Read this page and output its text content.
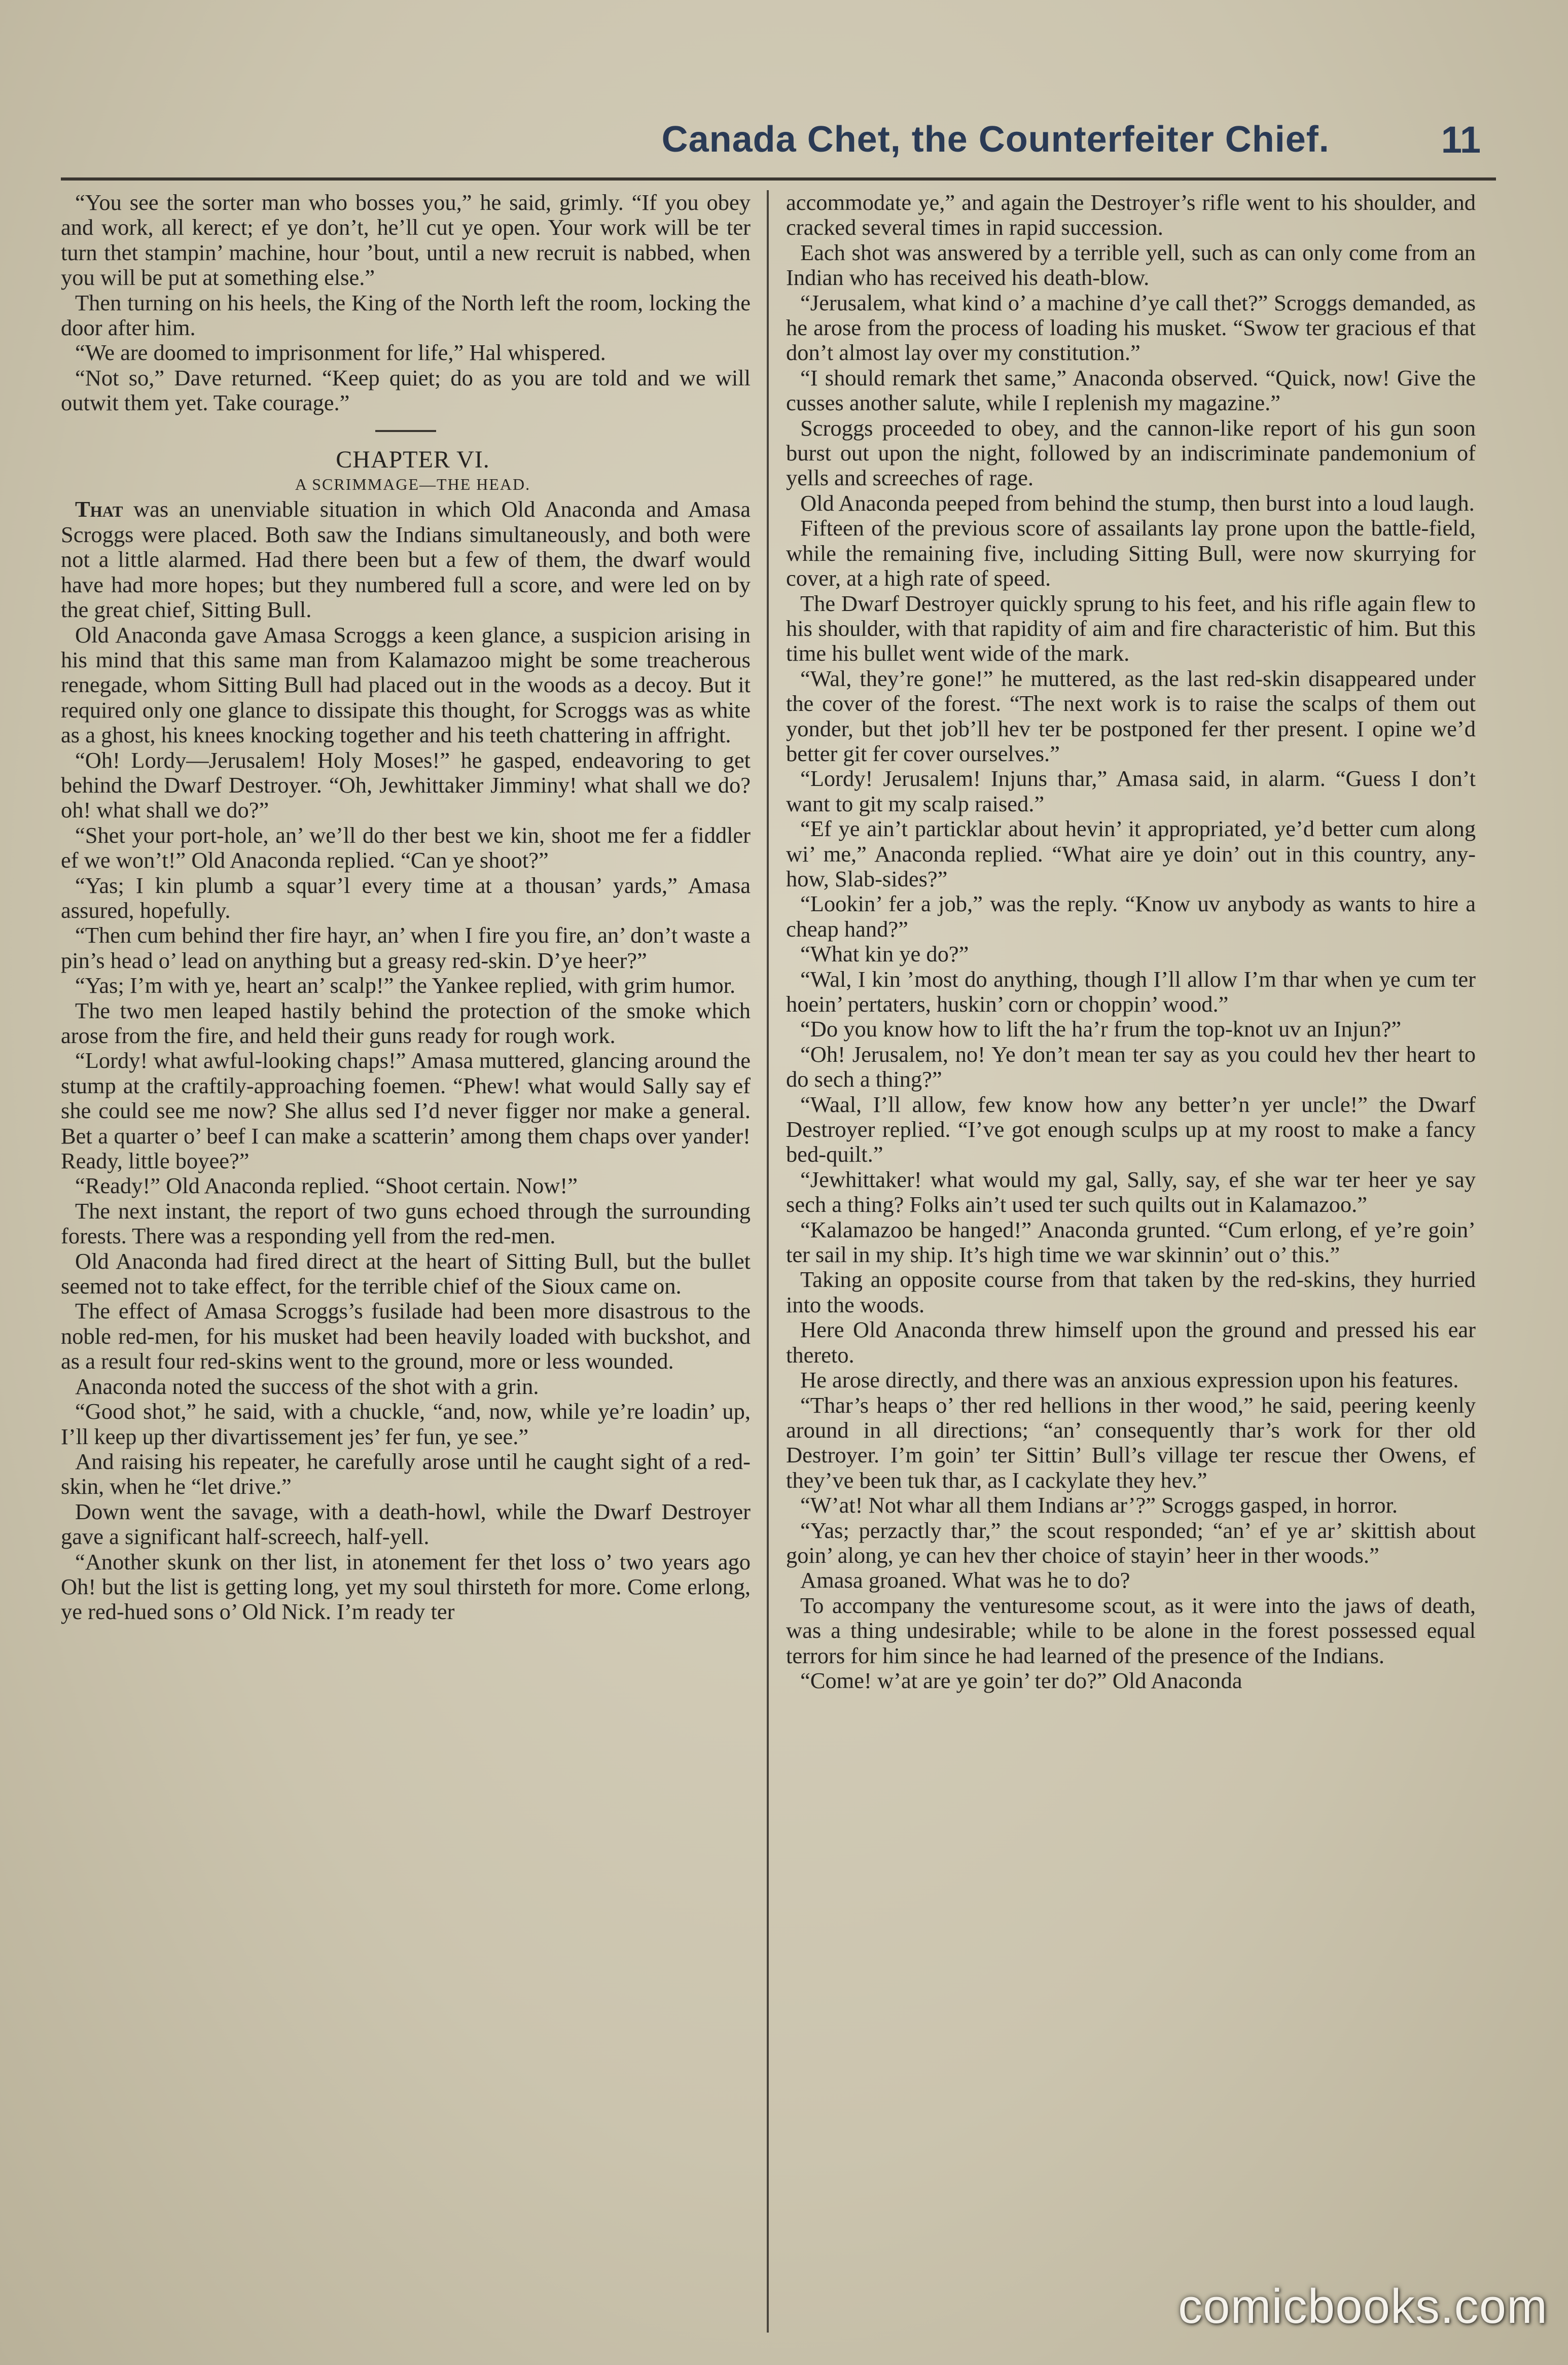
Canada Chet, the Counterfeiter Chief.	11

“You see the sorter man who bosses you,” he said, grimly. “If you obey and work, all kerect; ef ye don’t, he’ll cut ye open. Your work will be ter turn thet stampin’ machine, hour ’bout, until a new recruit is nabbed, when you will be put at something else.”

Then turning on his heels, the King of the North left the room, locking the door after him.

“We are doomed to imprisonment for life,” Hal whispered.

“Not so,” Dave returned. “Keep quiet; do as you are told and we will outwit them yet. Take courage.”

CHAPTER VI.

A SCRIMMAGE—THE HEAD.

That was an unenviable situation in which Old Anaconda and Amasa Scroggs were placed. Both saw the Indians simultaneously, and both were not a little alarmed. Had there been but a few of them, the dwarf would have had more hopes; but they numbered full a score, and were led on by the great chief, Sitting Bull.

Old Anaconda gave Amasa Scroggs a keen glance, a suspicion arising in his mind that this same man from Kalamazoo might be some treacherous renegade, whom Sitting Bull had placed out in the woods as a decoy. But it required only one glance to dissipate this thought, for Scroggs was as white as a ghost, his knees knocking together and his teeth chattering in affright.

“Oh! Lordy—Jerusalem! Holy Moses!” he gasped, endeavoring to get behind the Dwarf Destroyer. “Oh, Jewhittaker Jimminy! what shall we do? oh! what shall we do?”

“Shet your port-hole, an’ we’ll do ther best we kin, shoot me fer a fiddler ef we won’t!” Old Anaconda replied. “Can ye shoot?”

“Yas; I kin plumb a squar’l every time at a thousan’ yards,” Amasa assured, hopefully.

“Then cum behind ther fire hayr, an’ when I fire you fire, an’ don’t waste a pin’s head o’ lead on anything but a greasy red-skin. D’ye heer?”

“Yas; I’m with ye, heart an’ scalp!” the Yankee replied, with grim humor.

The two men leaped hastily behind the protection of the smoke which arose from the fire, and held their guns ready for rough work.

“Lordy! what awful-looking chaps!” Amasa muttered, glancing around the stump at the craftily-approaching foemen. “Phew! what would Sally say ef she could see me now? She allus sed I’d never figger nor make a general. Bet a quarter o’ beef I can make a scatterin’ among them chaps over yander! Ready, little boyee?”

“Ready!” Old Anaconda replied. “Shoot certain. Now!”

The next instant, the report of two guns echoed through the surrounding forests. There was a responding yell from the red-men.

Old Anaconda had fired direct at the heart of Sitting Bull, but the bullet seemed not to take effect, for the terrible chief of the Sioux came on.

The effect of Amasa Scroggs’s fusilade had been more disastrous to the noble red-men, for his musket had been heavily loaded with buckshot, and as a result four red-skins went to the ground, more or less wounded.

Anaconda noted the success of the shot with a grin.

“Good shot,” he said, with a chuckle, “and, now, while ye’re loadin’ up, I’ll keep up ther divartissement jes’ fer fun, ye see.”

And raising his repeater, he carefully arose until he caught sight of a red-skin, when he “let drive.”

Down went the savage, with a death-howl, while the Dwarf Destroyer gave a significant half-screech, half-yell.

“Another skunk on ther list, in atonement fer thet loss o’ two years ago Oh! but the list is getting long, yet my soul thirsteth for more. Come erlong, ye red-hued sons o’ Old Nick. I’m ready ter

accommodate ye,” and again the Destroyer’s rifle went to his shoulder, and cracked several times in rapid succession.

Each shot was answered by a terrible yell, such as can only come from an Indian who has received his death-blow.

“Jerusalem, what kind o’ a machine d’ye call thet?” Scroggs demanded, as he arose from the process of loading his musket. “Swow ter gracious ef that don’t almost lay over my constitution.”

“I should remark thet same,” Anaconda observed. “Quick, now! Give the cusses another salute, while I replenish my magazine.”

Scroggs proceeded to obey, and the cannon-like report of his gun soon burst out upon the night, followed by an indiscriminate pandemonium of yells and screeches of rage.

Old Anaconda peeped from behind the stump, then burst into a loud laugh.

Fifteen of the previous score of assailants lay prone upon the battle-field, while the remaining five, including Sitting Bull, were now skurrying for cover, at a high rate of speed.

The Dwarf Destroyer quickly sprung to his feet, and his rifle again flew to his shoulder, with that rapidity of aim and fire characteristic of him. But this time his bullet went wide of the mark.

“Wal, they’re gone!” he muttered, as the last red-skin disappeared under the cover of the forest. “The next work is to raise the scalps of them out yonder, but thet job’ll hev ter be postponed fer ther present. I opine we’d better git fer cover ourselves.”

“Lordy! Jerusalem! Injuns thar,” Amasa said, in alarm. “Guess I don’t want to git my scalp raised.”

“Ef ye ain’t particklar about hevin’ it appropriated, ye’d better cum along wi’ me,” Anaconda replied. “What aire ye doin’ out in this country, any-how, Slab-sides?”

“Lookin’ fer a job,” was the reply. “Know uv anybody as wants to hire a cheap hand?”

“What kin ye do?”

“Wal, I kin ’most do anything, though I’ll allow I’m thar when ye cum ter hoein’ pertaters, huskin’ corn or choppin’ wood.”

“Do you know how to lift the ha’r frum the top-knot uv an Injun?”

“Oh! Jerusalem, no! Ye don’t mean ter say as you could hev ther heart to do sech a thing?”

“Waal, I’ll allow, few know how any better’n yer uncle!” the Dwarf Destroyer replied. “I’ve got enough sculps up at my roost to make a fancy bed-quilt.”

“Jewhittaker! what would my gal, Sally, say, ef she war ter heer ye say sech a thing? Folks ain’t used ter such quilts out in Kalamazoo.”

“Kalamazoo be hanged!” Anaconda grunted. “Cum erlong, ef ye’re goin’ ter sail in my ship. It’s high time we war skinnin’ out o’ this.”

Taking an opposite course from that taken by the red-skins, they hurried into the woods.

Here Old Anaconda threw himself upon the ground and pressed his ear thereto.

He arose directly, and there was an anxious expression upon his features.

“Thar’s heaps o’ ther red hellions in ther wood,” he said, peering keenly around in all directions; “an’ consequently thar’s work for ther old Destroyer. I’m goin’ ter Sittin’ Bull’s village ter rescue ther Owens, ef they’ve been tuk thar, as I cackylate they hev.”

“W’at! Not whar all them Indians ar’?” Scroggs gasped, in horror.

“Yas; perzactly thar,” the scout responded; “an’ ef ye ar’ skittish about goin’ along, ye can hev ther choice of stayin’ heer in ther woods.”

Amasa groaned. What was he to do?

To accompany the venturesome scout, as it were into the jaws of death, was a thing undesirable; while to be alone in the forest possessed equal terrors for him since he had learned of the presence of the Indians.

“Come! w’at are ye goin’ ter do?” Old Anaconda

comicbooks.com
